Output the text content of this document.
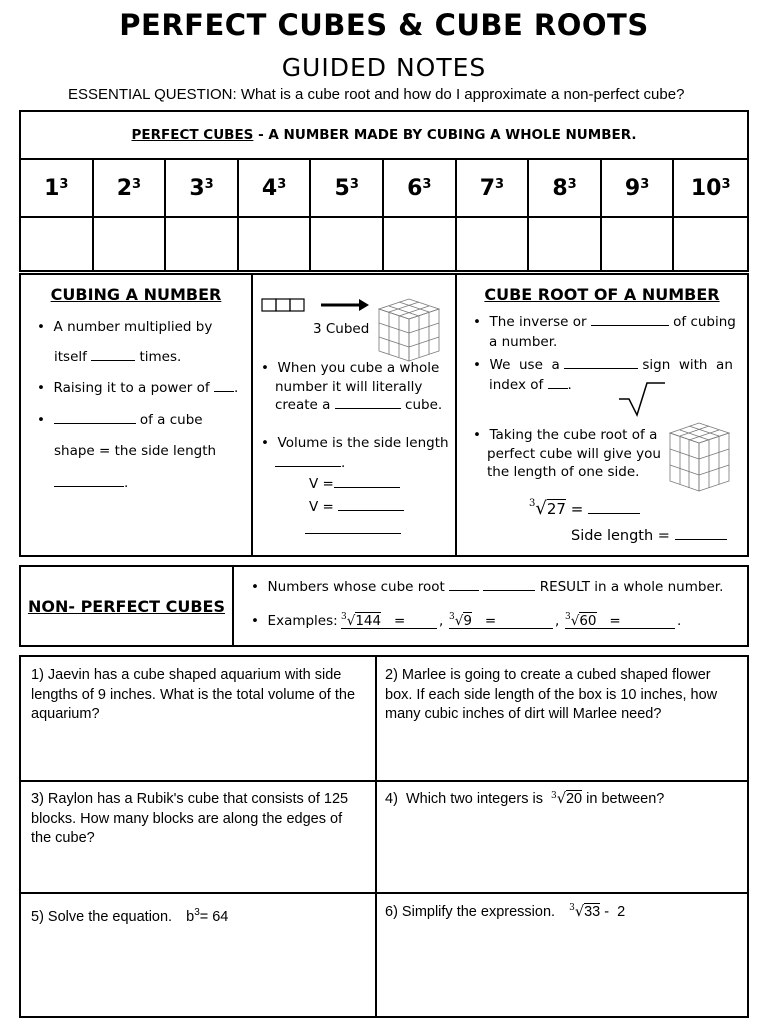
PERFECT CUBES & CUBE ROOTS
GUIDED NOTES
ESSENTIAL QUESTION: What is a cube root and how do I approximate a non-perfect cube?
PERFECT CUBES - A NUMBER MADE BY CUBING A WHOLE NUMBER.
$1^3$ $2^3$ $3^3$ $4^3$ $5^3$ $6^3$ $7^3$ $8^3$ $9^3$ $10^3$
CUBING A NUMBER
•  A number multiplied by
itself	times.
•  Raising it to a power of .
•	of a cube
shape = the side length
.
3 Cubed
•  When you cube a whole
number it will literally
create a	cube.
•  Volume is the side length
.
V =
V =
CUBE ROOT OF A NUMBER
•  The inverse or	of cubing
a number.
•  We  use  a	sign  with  an
index of .
•  Taking the cube root of a
perfect cube will give you
the length of one side.
$^3$√27 =
Side length =
NON- PERFECT CUBES
•  Numbers whose cube root	RESULT in a whole number.
•  Examples: $^3$√144 =	, $^3$√9 =	, $^3$√60 =	.
1) Jaevin has a cube shaped aquarium with side lengths of 9 inches. What is the total volume of the aquarium?
2) Marlee is going to create a cubed shaped flower box. If each side length of the box is 10 inches, how many cubic inches of dirt will Marlee need?
3) Raylon has a Rubik's cube that consists of 125 blocks. How many blocks are along the edges of the cube?
4)  Which two integers is $^3$√20 in between?
5) Solve the equation. $b^3= 64$	6) Simplify the expression. $^3$√33 -  2
